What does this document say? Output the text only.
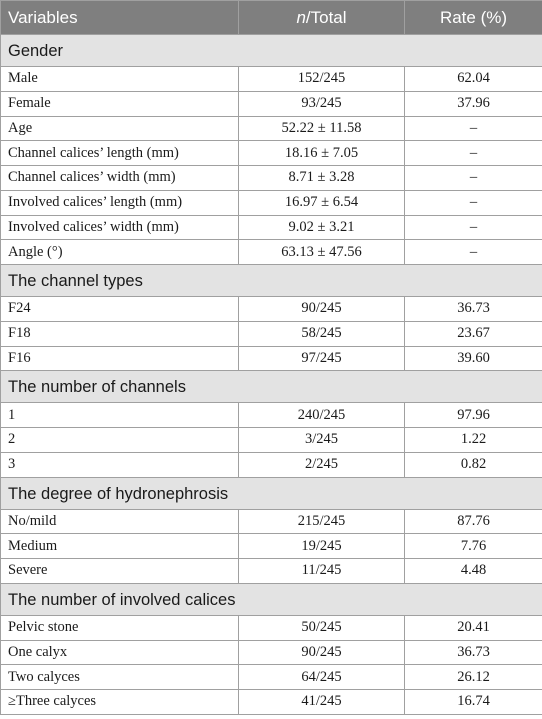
Variables	n/Total	Rate (%)
Gender		
Male	152/245	62.04
Female	93/245	37.96
Age	52.22 ± 11.58	–
Channel calices’ length (mm)	18.16 ± 7.05	–
Channel calices’ width (mm)	8.71 ± 3.28	–
Involved calices’ length (mm)	16.97 ± 6.54	–
Involved calices’ width (mm)	9.02 ± 3.21	–
Angle (°)	63.13 ± 47.56	–
The channel types		
F24	90/245	36.73
F18	58/245	23.67
F16	97/245	39.60
The number of channels		
1	240/245	97.96
2	3/245	1.22
3	2/245	0.82
The degree of hydronephrosis		
No/mild	215/245	87.76
Medium	19/245	7.76
Severe	11/245	4.48
The number of involved calices		
Pelvic stone	50/245	20.41
One calyx	90/245	36.73
Two calyces	64/245	26.12
≥Three calyces	41/245	16.74
